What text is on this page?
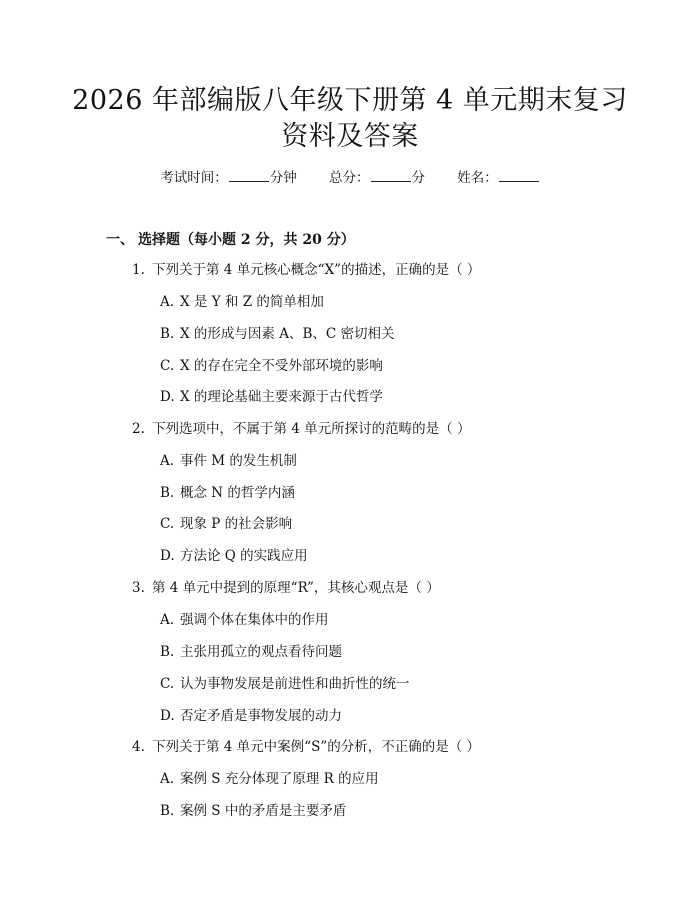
2026 年部编版八年级下册第 4 单元期末复习
资料及答案
考试时间：	分钟 总分：	分 姓名：
一、 选择题（每小题 2 分，共 20 分）
1. 下列关于第 4 单元核心概念“X”的描述，正确的是（ ）
A. X 是 Y 和 Z 的简单相加
B. X 的形成与因素 A、B、C 密切相关
C. X 的存在完全不受外部环境的影响
D. X 的理论基础主要来源于古代哲学
2. 下列选项中，不属于第 4 单元所探讨的范畴的是（ ）
A. 事件 M 的发生机制
B. 概念 N 的哲学内涵
C. 现象 P 的社会影响
D. 方法论 Q 的实践应用
3. 第 4 单元中提到的原理“R”，其核心观点是（ ）
A. 强调个体在集体中的作用
B. 主张用孤立的观点看待问题
C. 认为事物发展是前进性和曲折性的统一
D. 否定矛盾是事物发展的动力
4. 下列关于第 4 单元中案例“S”的分析，不正确的是（ ）
A. 案例 S 充分体现了原理 R 的应用
B. 案例 S 中的矛盾是主要矛盾
